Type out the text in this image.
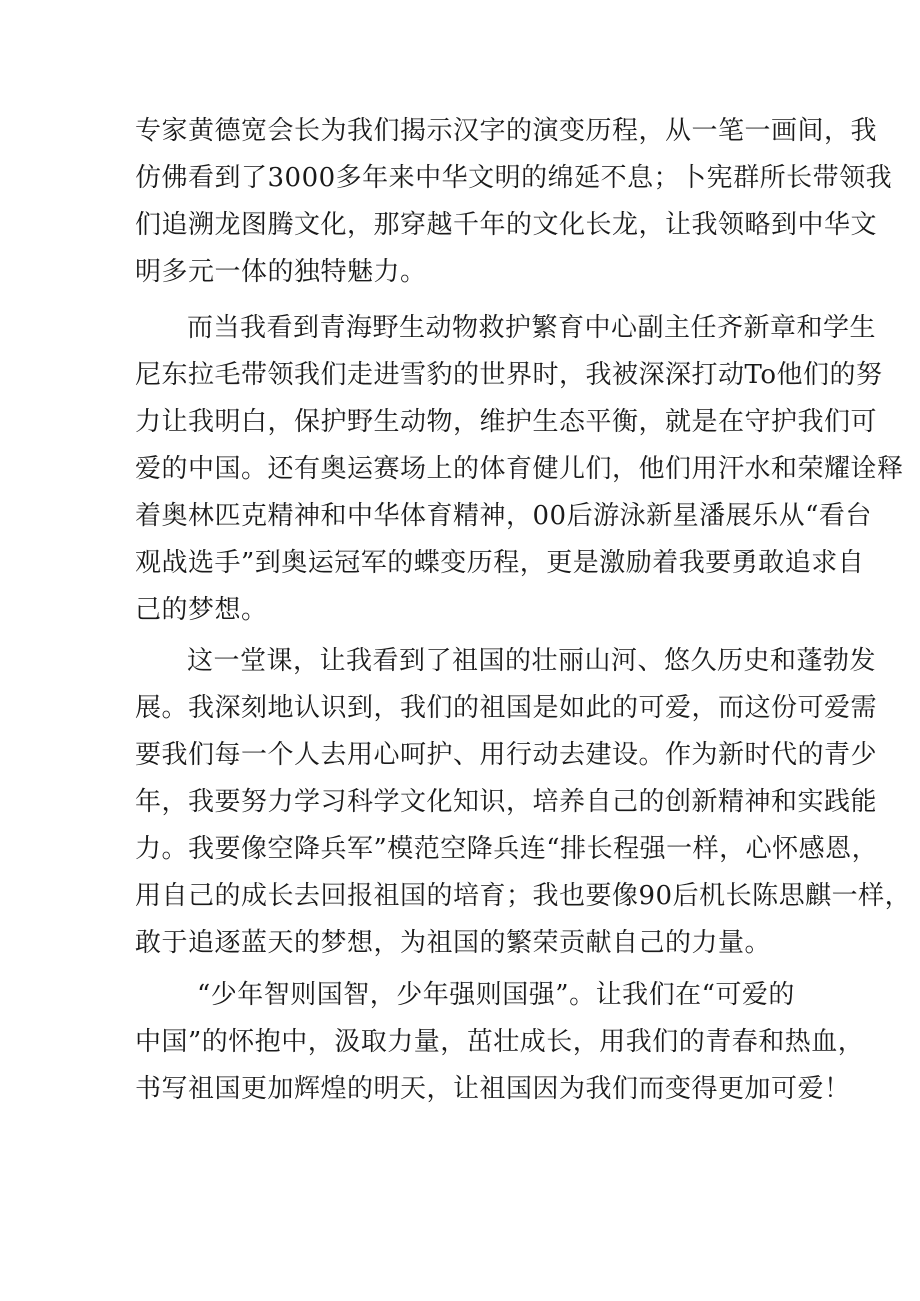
专家黄德宽会长为我们揭示汉字的演变历程，从一笔一画间，我
仿佛看到了3000多年来中华文明的绵延不息；卜宪群所长带领我
们追溯龙图腾文化，那穿越千年的文化长龙，让我领略到中华文
明多元一体的独特魅力。
而当我看到青海野生动物救护繁育中心副主任齐新章和学生
尼东拉毛带领我们走进雪豹的世界时，我被深深打动To他们的努
力让我明白，保护野生动物，维护生态平衡，就是在守护我们可
爱的中国。还有奥运赛场上的体育健儿们，他们用汗水和荣耀诠释
着奥林匹克精神和中华体育精神，00后游泳新星潘展乐从“看台
观战选手”到奥运冠军的蝶变历程，更是激励着我要勇敢追求自
己的梦想。
这一堂课，让我看到了祖国的壮丽山河、悠久历史和蓬勃发
展。我深刻地认识到，我们的祖国是如此的可爱，而这份可爱需
要我们每一个人去用心呵护、用行动去建设。作为新时代的青少
年，我要努力学习科学文化知识，培养自己的创新精神和实践能
力。我要像空降兵军”模范空降兵连“排长程强一样，心怀感恩，
用自己的成长去回报祖国的培育；我也要像90后机长陈思麒一样，
敢于追逐蓝天的梦想，为祖国的繁荣贡献自己的力量。
“少年智则国智，少年强则国强”。让我们在“可爱的
中国”的怀抱中，汲取力量，茁壮成长，用我们的青春和热血，
书写祖国更加辉煌的明天，让祖国因为我们而变得更加可爱！
